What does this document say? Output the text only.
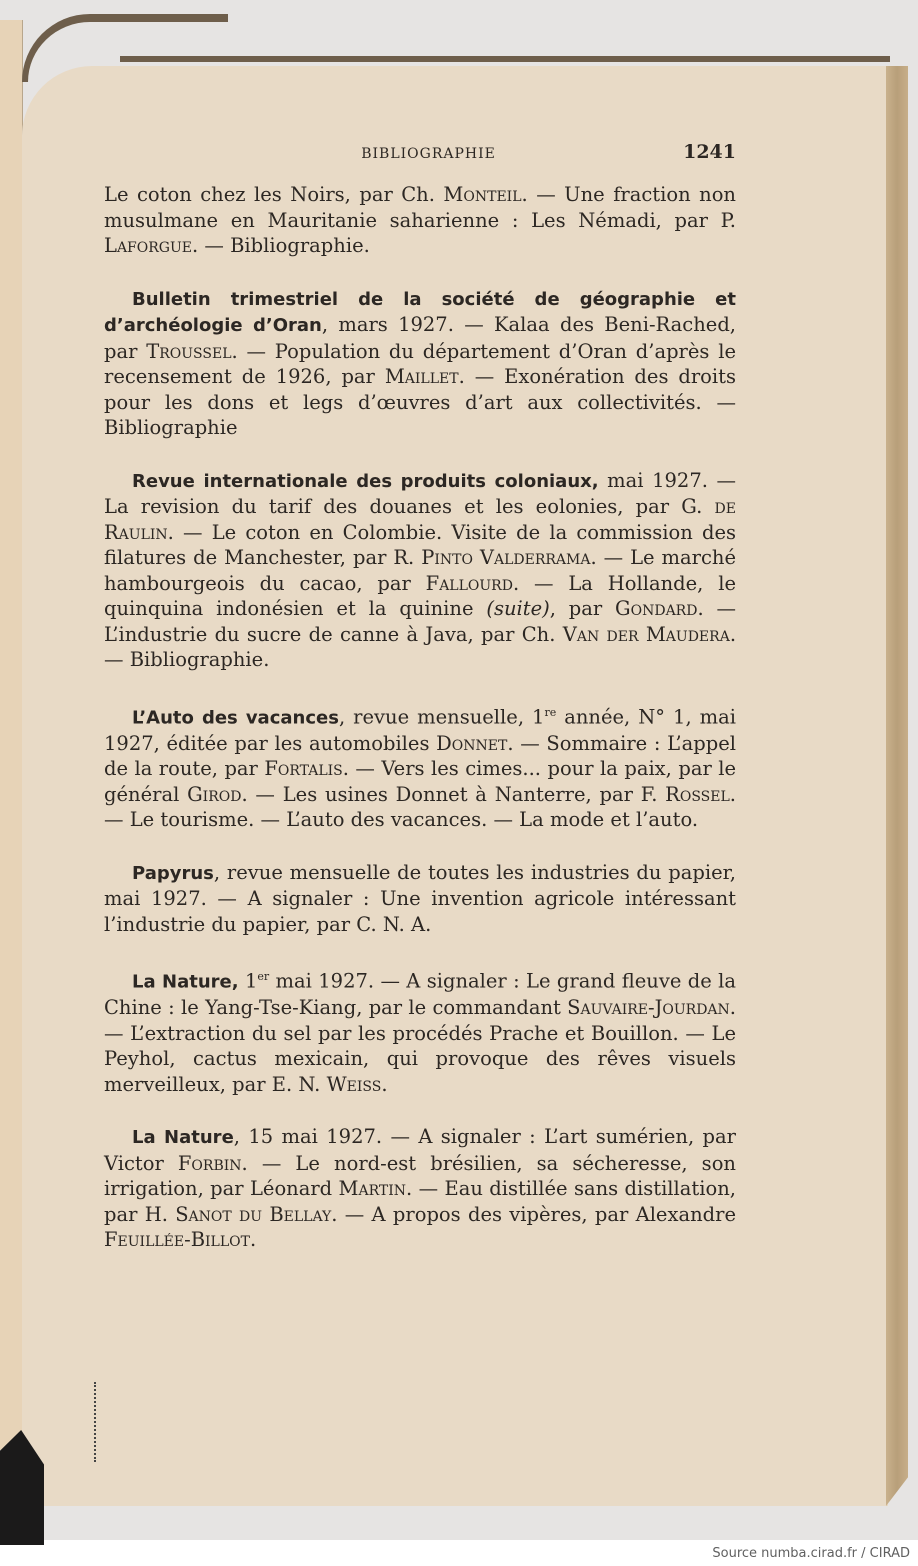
BIBLIOGRAPHIE	1241

Le coton chez les Noirs, par Ch. Monteil. — Une fraction non musulmane en Mauritanie saharienne : Les Némadi, par P. Laforgue. — Bibliographie.

Bulletin trimestriel de la société de géographie et d’archéologie d’Oran, mars 1927. — Kalaa des Beni-Rached, par Troussel. — Population du département d’Oran d’après le recensement de 1926, par Maillet. — Exonération des droits pour les dons et legs d’œuvres d’art aux collectivités. — Bibliographie

Revue internationale des produits coloniaux, mai 1927. — La revision du tarif des douanes et les eolonies, par G. de Raulin. — Le coton en Colombie. Visite de la commission des filatures de Manchester, par R. Pinto Valderrama. — Le marché hambourgeois du cacao, par Fallourd. — La Hollande, le quinquina indonésien et la quinine (suite), par Gondard. — L’industrie du sucre de canne à Java, par Ch. Van der Maudera. — Bibliographie.

L’Auto des vacances, revue mensuelle, 1re année, N° 1, mai 1927, éditée par les automobiles Donnet. — Sommaire : L’appel de la route, par Fortalis. — Vers les cimes... pour la paix, par le général Girod. — Les usines Donnet à Nanterre, par F. Rossel. — Le tourisme. — L’auto des vacances. — La mode et l’auto.

Papyrus, revue mensuelle de toutes les industries du papier, mai 1927. — A signaler : Une invention agricole intéressant l’industrie du papier, par C. N. A.

La Nature, 1er mai 1927. — A signaler : Le grand fleuve de la Chine : le Yang-Tse-Kiang, par le commandant Sauvaire-Jourdan. — L’extraction du sel par les procédés Prache et Bouillon. — Le Peyhol, cactus mexicain, qui provoque des rêves visuels merveilleux, par E. N. Weiss.

La Nature, 15 mai 1927. — A signaler : L’art sumérien, par Victor Forbin. — Le nord-est brésilien, sa sécheresse, son irrigation, par Léonard Martin. — Eau distillée sans distillation, par H. Sanot du Bellay. — A propos des vipères, par Alexandre Feuillée-Billot.

Source numba.cirad.fr / CIRAD
